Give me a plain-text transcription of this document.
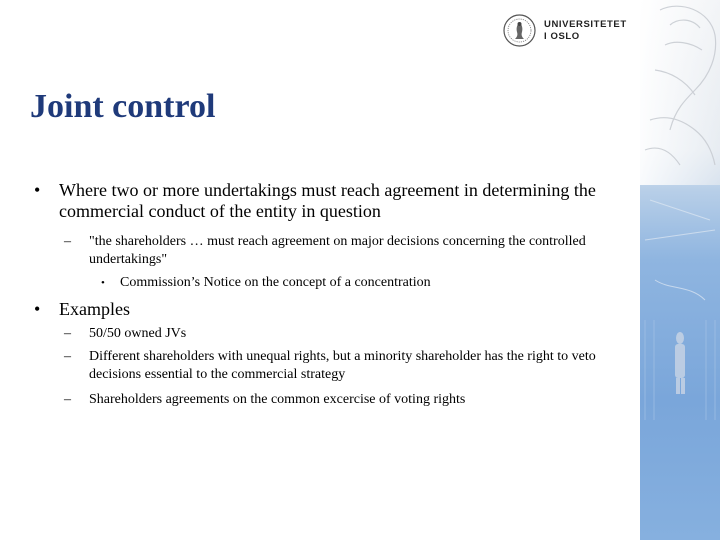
UNIVERSITETET
I OSLO
Joint control
• Where two or more undertakings must reach agreement in determining the commercial conduct of the entity in question
– "the shareholders … must reach agreement on major decisions concerning the controlled undertakings"
• Commission’s Notice on the concept of a concentration
• Examples
– 50/50 owned JVs
– Different shareholders with unequal rights, but a minority shareholder has the right to veto decisions essential to the commercial strategy
– Shareholders agreements on the common excercise of voting rights
